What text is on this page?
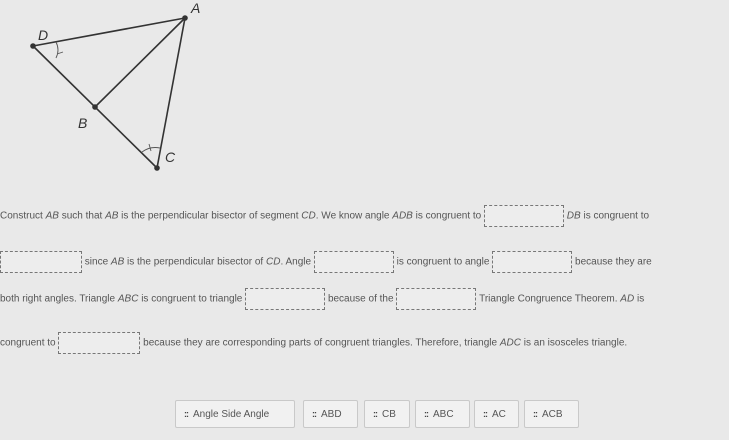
A
D
B
C
Construct AB such that AB is the perpendicular bisector of segment CD. We know angle ADB is congruent to	DB is congruent to
since AB is the perpendicular bisector of CD. Angle	is congruent to angle	because they are
both right angles. Triangle ABC is congruent to triangle	because of the	Triangle Congruence Theorem. AD is
congruent to	because they are corresponding parts of congruent triangles. Therefore, triangle ADC is an isosceles triangle.
:: Angle Side Angle	:: ABD	:: CB	:: ABC	:: AC	:: ACB
